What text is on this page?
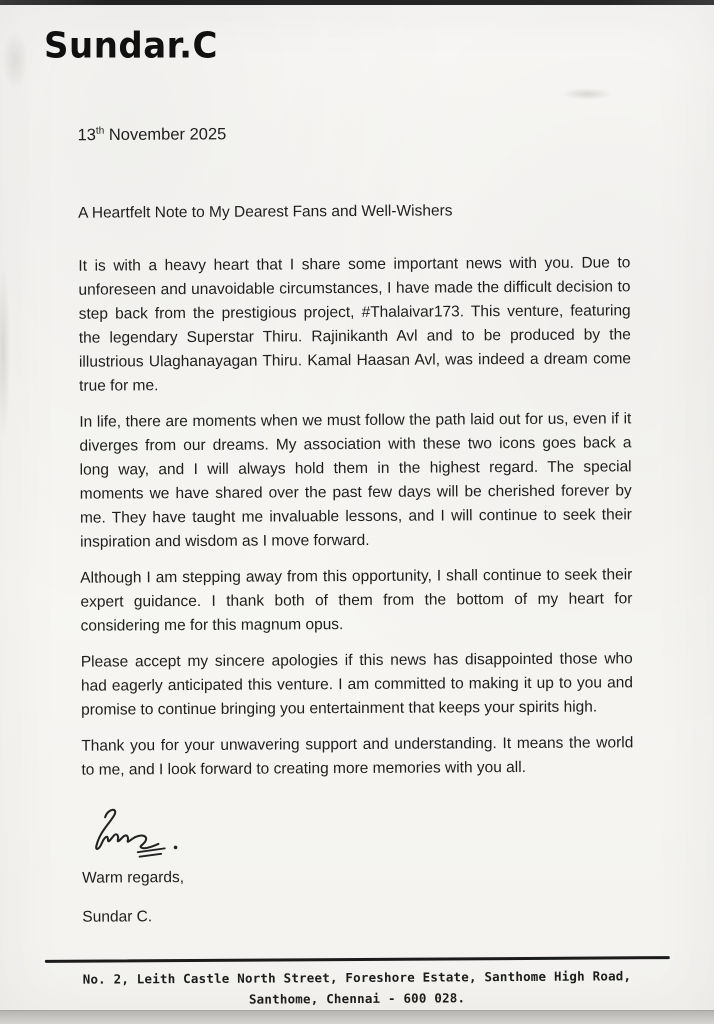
Sundar.C

13th November 2025

A Heartfelt Note to My Dearest Fans and Well-Wishers

It is with a heavy heart that I share some important news with you. Due to unforeseen and unavoidable circumstances, I have made the difficult decision to step back from the prestigious project, #Thalaivar173. This venture, featuring the legendary Superstar Thiru. Rajinikanth Avl and to be produced by the illustrious Ulaghanayagan Thiru. Kamal Haasan Avl, was indeed a dream come true for me.

In life, there are moments when we must follow the path laid out for us, even if it diverges from our dreams. My association with these two icons goes back a long way, and I will always hold them in the highest regard. The special moments we have shared over the past few days will be cherished forever by me. They have taught me invaluable lessons, and I will continue to seek their inspiration and wisdom as I move forward.

Although I am stepping away from this opportunity, I shall continue to seek their expert guidance. I thank both of them from the bottom of my heart for considering me for this magnum opus.

Please accept my sincere apologies if this news has disappointed those who had eagerly anticipated this venture. I am committed to making it up to you and promise to continue bringing you entertainment that keeps your spirits high.

Thank you for your unwavering support and understanding. It means the world to me, and I look forward to creating more memories with you all.

Warm regards,

Sundar C.

No. 2, Leith Castle North Street, Foreshore Estate, Santhome High Road,
Santhome, Chennai - 600 028.
